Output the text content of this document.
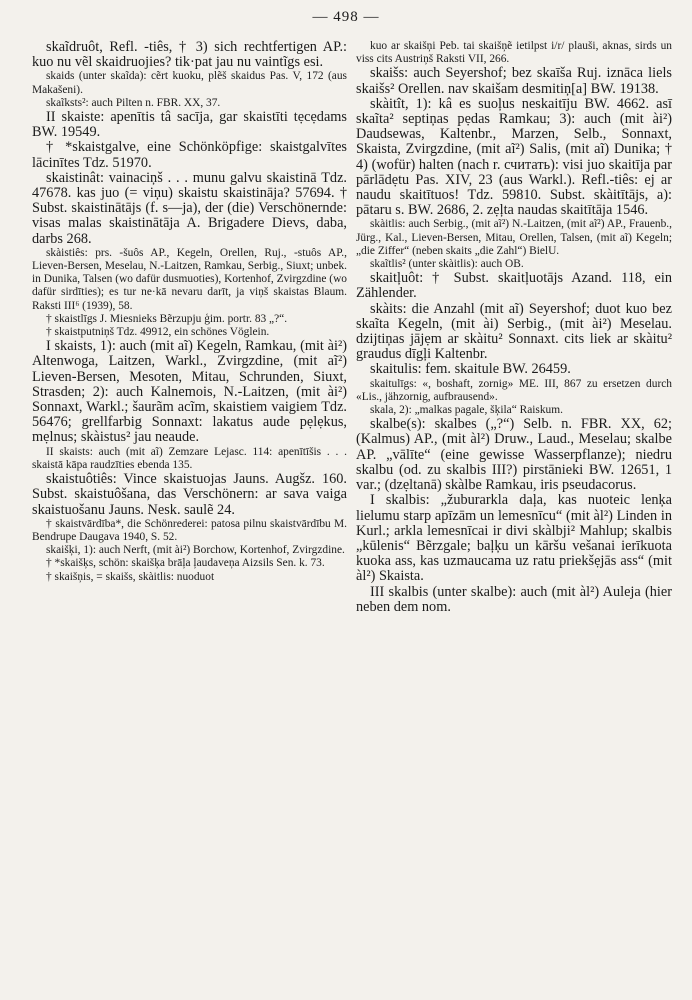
— 498 —

skaĩdruôt, Refl. -tiês, † 3) sich rechtfertigen AP.: kuo nu vẽl skaidruojies? tik·pat jau nu vaintĩgs esi.

skaids (unter skaĩda): cẽrt kuoku, plẽš skaidus Pas. V, 172 (aus Makašeni).

skaĩksts²: auch Pilten n. FBR. XX, 37.

II skaiste: apenītis tâ sacīja, gar skaistīti tẹcẹdams BW. 19549.

† *skaistgalve, eine Schönköpfige: skaistgalvītes lācinītes Tdz. 51970.

skaistinât: vainaciņš . . . munu galvu skaistinā Tdz. 47678. kas juo (= viņu) skaistu skaistināja? 57694. † Subst. skaistinātājs (f. s—ja), der (die) Verschönernde: visas malas skaistinātāja A. Brigadere Dievs, daba, darbs 268.

skàistiês: prs. -šuôs AP., Kegeln, Orellen, Ruj., -stuôs AP., Lieven-Bersen, Meselau, N.-Laitzen, Ramkau, Serbig., Siuxt; unbek. in Dunika, Talsen (wo dafür dusmuoties), Kortenhof, Zvirgzdine (wo dafür sirdīties); es tur ne·kā nevaru darīt, ja viņš skaistas Blaum. Raksti III⁶ (1939), 58.

† skaistlīgs J. Miesnieks Bẽrzupju ģim. portr. 83 „?“.

† skaistputniņš Tdz. 49912, ein schönes Vöglein.

I skaists, 1): auch (mit aĩ) Kegeln, Ramkau, (mit ài²) Altenwoga, Laitzen, Warkl., Zvirgzdine, (mit aĩ²) Lieven-Bersen, Mesoten, Mitau, Schrunden, Siuxt, Strasden; 2): auch Kalnemois, N.-Laitzen, (mit ài²) Sonnaxt, Warkl.; šaurãm acĩm, skaistiem vaigiem Tdz. 56476; grellfarbig Sonnaxt: lakatus aude pẹlẹkus, mẹlnus; skàistus² jau neaude.

II skaists: auch (mit aĩ) Zemzare Lejasc. 114: apenītīšis . . . skaistā kāpa raudzīties ebenda 135.

skaistuôtiês: Vince skaistuojas Jauns. Augšz. 160. Subst. skaistuôšana, das Verschönern: ar sava vaiga skaistuošanu Jauns. Nesk. saulẽ 24.

† skaistvārdība*, die Schönrederei: patosa pilnu skaistvārdību M. Bendrupe Daugava 1940, S. 52.

skaišķi, 1): auch Nerft, (mit ài²) Borchow, Kortenhof, Zvirgzdine.

† *skaišķs, schön: skaišķa brāļa ļaudaveņa Aizsils Sen. k. 73.

† skaišņis, = skaišs, skàitlis: nuoduot

kuo ar skaišņi Peb. tai skaišņẽ ietilpst i/r/ plauši, aknas, sirds un viss cits Austriņš Raksti VII, 266.

skaišs: auch Seyershof; bez skaīša Ruj. iznāca liels skaišs² Orellen. nav skaišam desmitiņ[a] BW. 19138.

skàitît, 1): kâ es suoļus neskaitīju BW. 4662. asī skaĩta² septiņas pẹdas Ramkau; 3): auch (mit ài²) Daudsewas, Kaltenbr., Marzen, Selb., Sonnaxt, Skaista, Zvirgzdine, (mit aĩ²) Salis, (mit aĩ) Dunika; † 4) (wofür) halten (nach r. считать): visi juo skaitīja par pārlādẹtu Pas. XIV, 23 (aus Warkl.). Refl.-tiês: ej ar naudu skaitītuos! Tdz. 59810. Subst. skàitītājs, a): pātaru s. BW. 2686, 2. zẹļta naudas skaitītāja 1546.

skàitlis: auch Serbig., (mit aĩ²) N.-Laitzen, (mit aĩ²) AP., Frauenb., Jürg., Kal., Lieven-Bersen, Mitau, Orellen, Talsen, (mit aĩ) Kegeln; „die Ziffer“ (neben skaits „die Zahl“) BielU.

skaĩtlis² (unter skàitlis): auch OB.

skaitļuôt: † Subst. skaitļuotājs Azand. 118, ein Zählender.

skàits: die Anzahl (mit aĩ) Seyershof; duot kuo bez skaĩta Kegeln, (mit ài) Serbig., (mit ài²) Meselau. dzijtiņas jājẹm ar skàitu² Sonnaxt. cits liek ar skàitu² graudus dīgļi Kaltenbr.

skaitulis: fem. skaitule BW. 26459.

skaitulīgs: «, boshaft, zornig» ME. III, 867 zu ersetzen durch «Lis., jähzornig, aufbrausend».

skala, 2): „malkas pagale, šķila“ Raiskum.

skalbe(s): skalbes („?“) Selb. n. FBR. XX, 62; (Kalmus) AP., (mit àl²) Druw., Laud., Meselau; skalbe AP. „vālīte“ (eine gewisse Wasserpflanze); niedru skalbu (od. zu skalbis III?) pirstānieki BW. 12651, 1 var.; (dzẹltanā) skàlbe Ramkau, iris pseudacorus.

I skalbis: „žuburarkla daļa, kas nuoteic lenķa lielumu starp apīzām un lemesnīcu“ (mit àl²) Linden in Kurl.; arkla lemesnīcai ir divi skàlbji² Mahlup; skalbis „kūlenis“ Bẽrzgale; baļķu un kāršu vešanai ierīkuota kuoka ass, kas uzmaucama uz ratu priekšẹjās ass“ (mit àl²) Skaista.

III skalbis (unter skalbe): auch (mit àl²) Auleja (hier neben dem nom.
